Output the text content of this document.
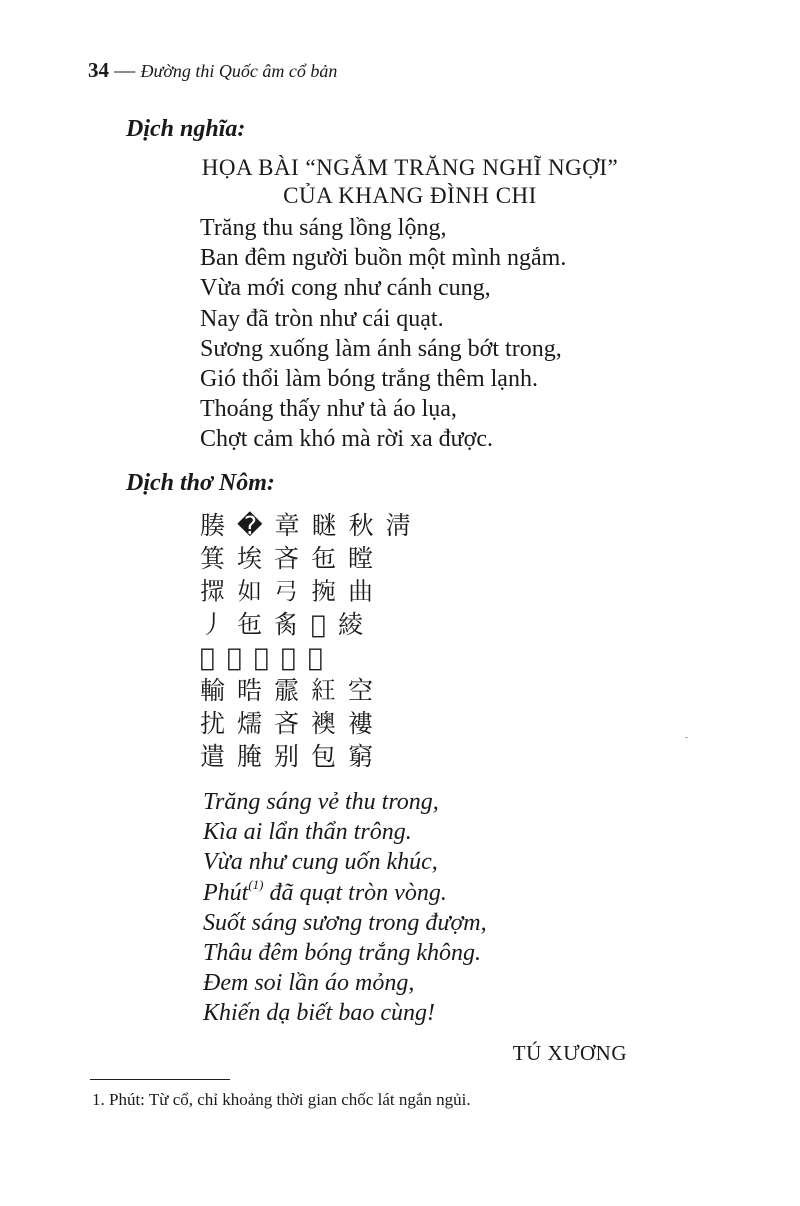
34 — Đường thi Quốc âm cổ bản
Dịch nghĩa:
HỌA BÀI “NGẮM TRĂNG NGHĨ NGỢI”
CỦA KHANG ĐÌNH CHI
Trăng thu sáng lồng lộng,
Ban đêm người buồn một mình ngắm.
Vừa mới cong như cánh cung,
Nay đã tròn như cái quạt.
Sương xuống làm ánh sáng bớt trong,
Gió thổi làm bóng trắng thêm lạnh.
Thoáng thấy như tà áo lụa,
Chợt cảm khó mà rời xa được.
Dịch thơ Nôm:
腠�章瞇秋淸
箕埃吝㐌瞠
𢶢如弓捥曲
丿㐌䏑𨍦綾
𨁥熰霜𩆍淡
輸晧霢𥿁空
扰燸吝襖褸
遣腌别包窮
Trăng sáng vẻ thu trong,
Kìa ai lẩn thẩn trông.
Vừa như cung uốn khúc,
Phút$^{(1)}$ đã quạt tròn vòng.
Suốt sáng sương trong đượm,
Thâu đêm bóng trắng không.
Đem soi lần áo mỏng,
Khiến dạ biết bao cùng!
TÚ XƯƠNG
1. Phút: Từ cổ, chỉ khoảng thời gian chốc lát ngắn ngủi.
